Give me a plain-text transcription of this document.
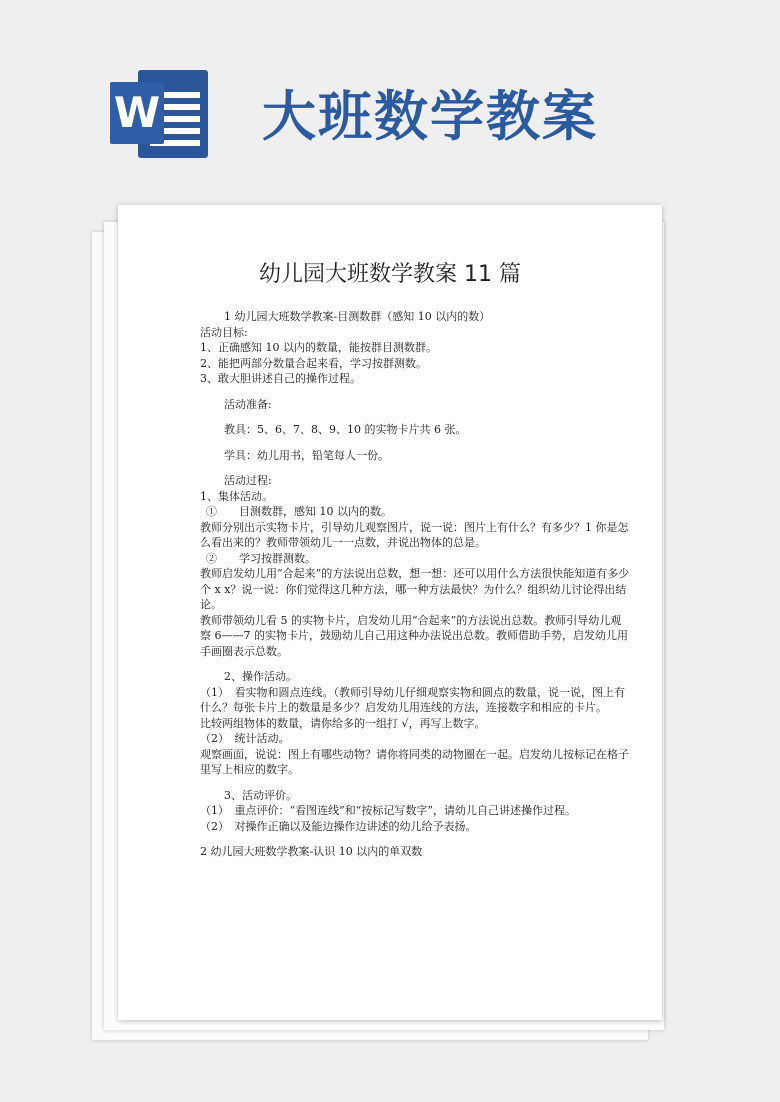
W 大班数学教案
幼儿园大班数学教案 11 篇

1 幼儿园大班数学教案-目测数群（感知 10 以内的数）

活动目标:

1、正确感知 10 以内的数量，能按群目测数群。

2、能把两部分数量合起来看，学习按群测数。

3、敢大胆讲述自己的操作过程。

活动准备:

教具：5、6、7、8、9、10 的实物卡片共 6 张。

学具：幼儿用书，铅笔每人一份。

活动过程:

1、集体活动。

①　　目测数群，感知 10 以内的数。

教师分别出示实物卡片，引导幼儿观察图片，说一说：图片上有什么？有多少？1 你是怎么看出来的？教师带领幼儿一一点数，并说出物体的总是。

②　　学习按群测数。

教师启发幼儿用“合起来”的方法说出总数，想一想：还可以用什么方法很快能知道有多少个 x x？说一说：你们觉得这几种方法，哪一种方法最快？为什么？组织幼儿讨论得出结论。

教师带领幼儿看 5 的实物卡片，启发幼儿用“合起来”的方法说出总数。教师引导幼儿观察 6——7 的实物卡片，鼓励幼儿自己用这种办法说出总数。教师借助手势，启发幼儿用手画圈表示总数。

2、操作活动。

（1）　看实物和圆点连线。（教师引导幼儿仔细观察实物和圆点的数量，说一说，图上有什么？每张卡片上的数量是多少？启发幼儿用连线的方法，连接数字和相应的卡片。

比较两组物体的数量，请你给多的一组打 √，再写上数字。

（2）　统计活动。

观察画面，说说：图上有哪些动物？请你将同类的动物圈在一起。启发幼儿按标记在格子里写上相应的数字。

3、活动评价。

（1）　重点评价：“看图连线”和“按标记写数字”，请幼儿自己讲述操作过程。

（2）　对操作正确以及能边操作边讲述的幼儿给予表扬。

2 幼儿园大班数学教案-认识 10 以内的单双数
